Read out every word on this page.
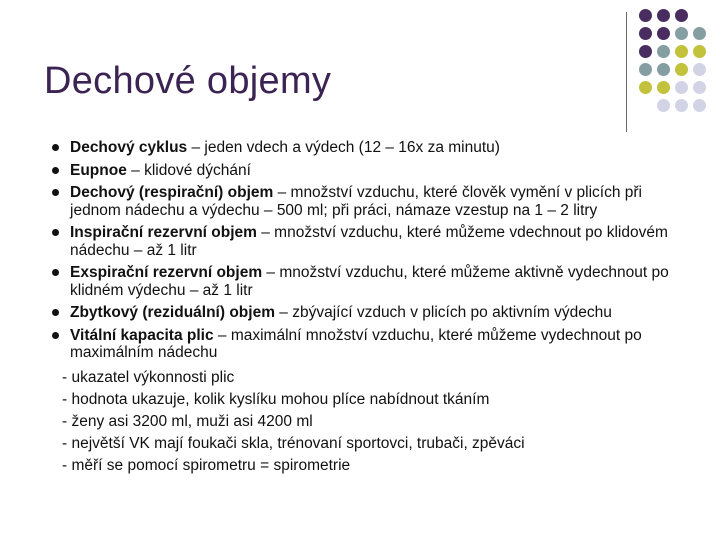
Dechové objemy
Dechový cyklus – jeden vdech a výdech (12 – 16x za minutu)
Eupnoe – klidové dýchání
Dechový (respirační) objem – množství vzduchu, které člověk vymění v plicích při jednom nádechu a výdechu – 500 ml; při práci, námaze vzestup na 1 – 2 litry
Inspirační rezervní objem – množství vzduchu, které můžeme vdechnout po klidovém nádechu – až 1 litr
Exspirační rezervní objem – množství vzduchu, které můžeme aktivně vydechnout po klidném výdechu – až 1 litr
Zbytkový (reziduální) objem – zbývající vzduch v plicích po aktivním výdechu
Vitální kapacita plic – maximální množství vzduchu, které můžeme vydechnout po maximálním nádechu
- ukazatel výkonnosti plic
- hodnota ukazuje, kolik kyslíku mohou plíce nabídnout tkáním
- ženy asi 3200 ml, muži asi 4200 ml
- největší VK mají foukači skla, trénovaní sportovci, trubači, zpěváci
- měří se pomocí spirometru = spirometrie
